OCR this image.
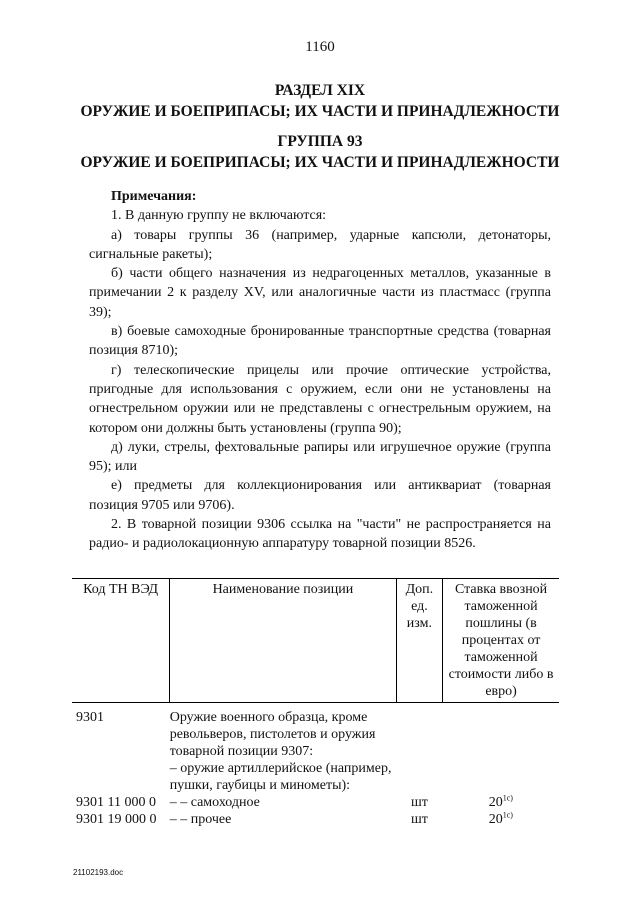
1160
РАЗДЕЛ XIX
ОРУЖИЕ И БОЕПРИПАСЫ; ИХ ЧАСТИ И ПРИНАДЛЕЖНОСТИ
ГРУППА 93
ОРУЖИЕ И БОЕПРИПАСЫ; ИХ ЧАСТИ И ПРИНАДЛЕЖНОСТИ

Примечания:

1. В данную группу не включаются:

а) товары группы 36 (например, ударные капсюли, детонаторы, сигнальные ракеты);

б) части общего назначения из недрагоценных металлов, указанные в примечании 2 к разделу XV, или аналогичные части из пластмасс (группа 39);

в) боевые самоходные бронированные транспортные средства (товарная позиция 8710);

г) телескопические прицелы или прочие оптические устройства, пригодные для использования с оружием, если они не установлены на огнестрельном оружии или не представлены с огнестрельным оружием, на котором они должны быть установлены (группа 90);

д) луки, стрелы, фехтовальные рапиры или игрушечное оружие (группа 95); или

е) предметы для коллекционирования или антиквариат (товарная позиция 9705 или 9706).

2. В товарной позиции 9306 ссылка на "части" не распространяется на радио- и радиолокационную аппаратуру товарной позиции 8526.

Код ТН ВЭД	Наименование позиции	Доп. ед. изм.	Ставка ввозной таможенной пошлины (в процентах от таможенной стоимости либо в евро)
9301	Оружие военного образца, кроме револьверов, пистолетов и оружия товарной позиции 9307:		
	– оружие артиллерийское (например, пушки, гаубицы и минометы):		
9301 11 000 0	– – самоходное	шт	$20^{1с)}$
9301 19 000 0	– – прочее	шт	$20^{1с)}$
21102193.doc
